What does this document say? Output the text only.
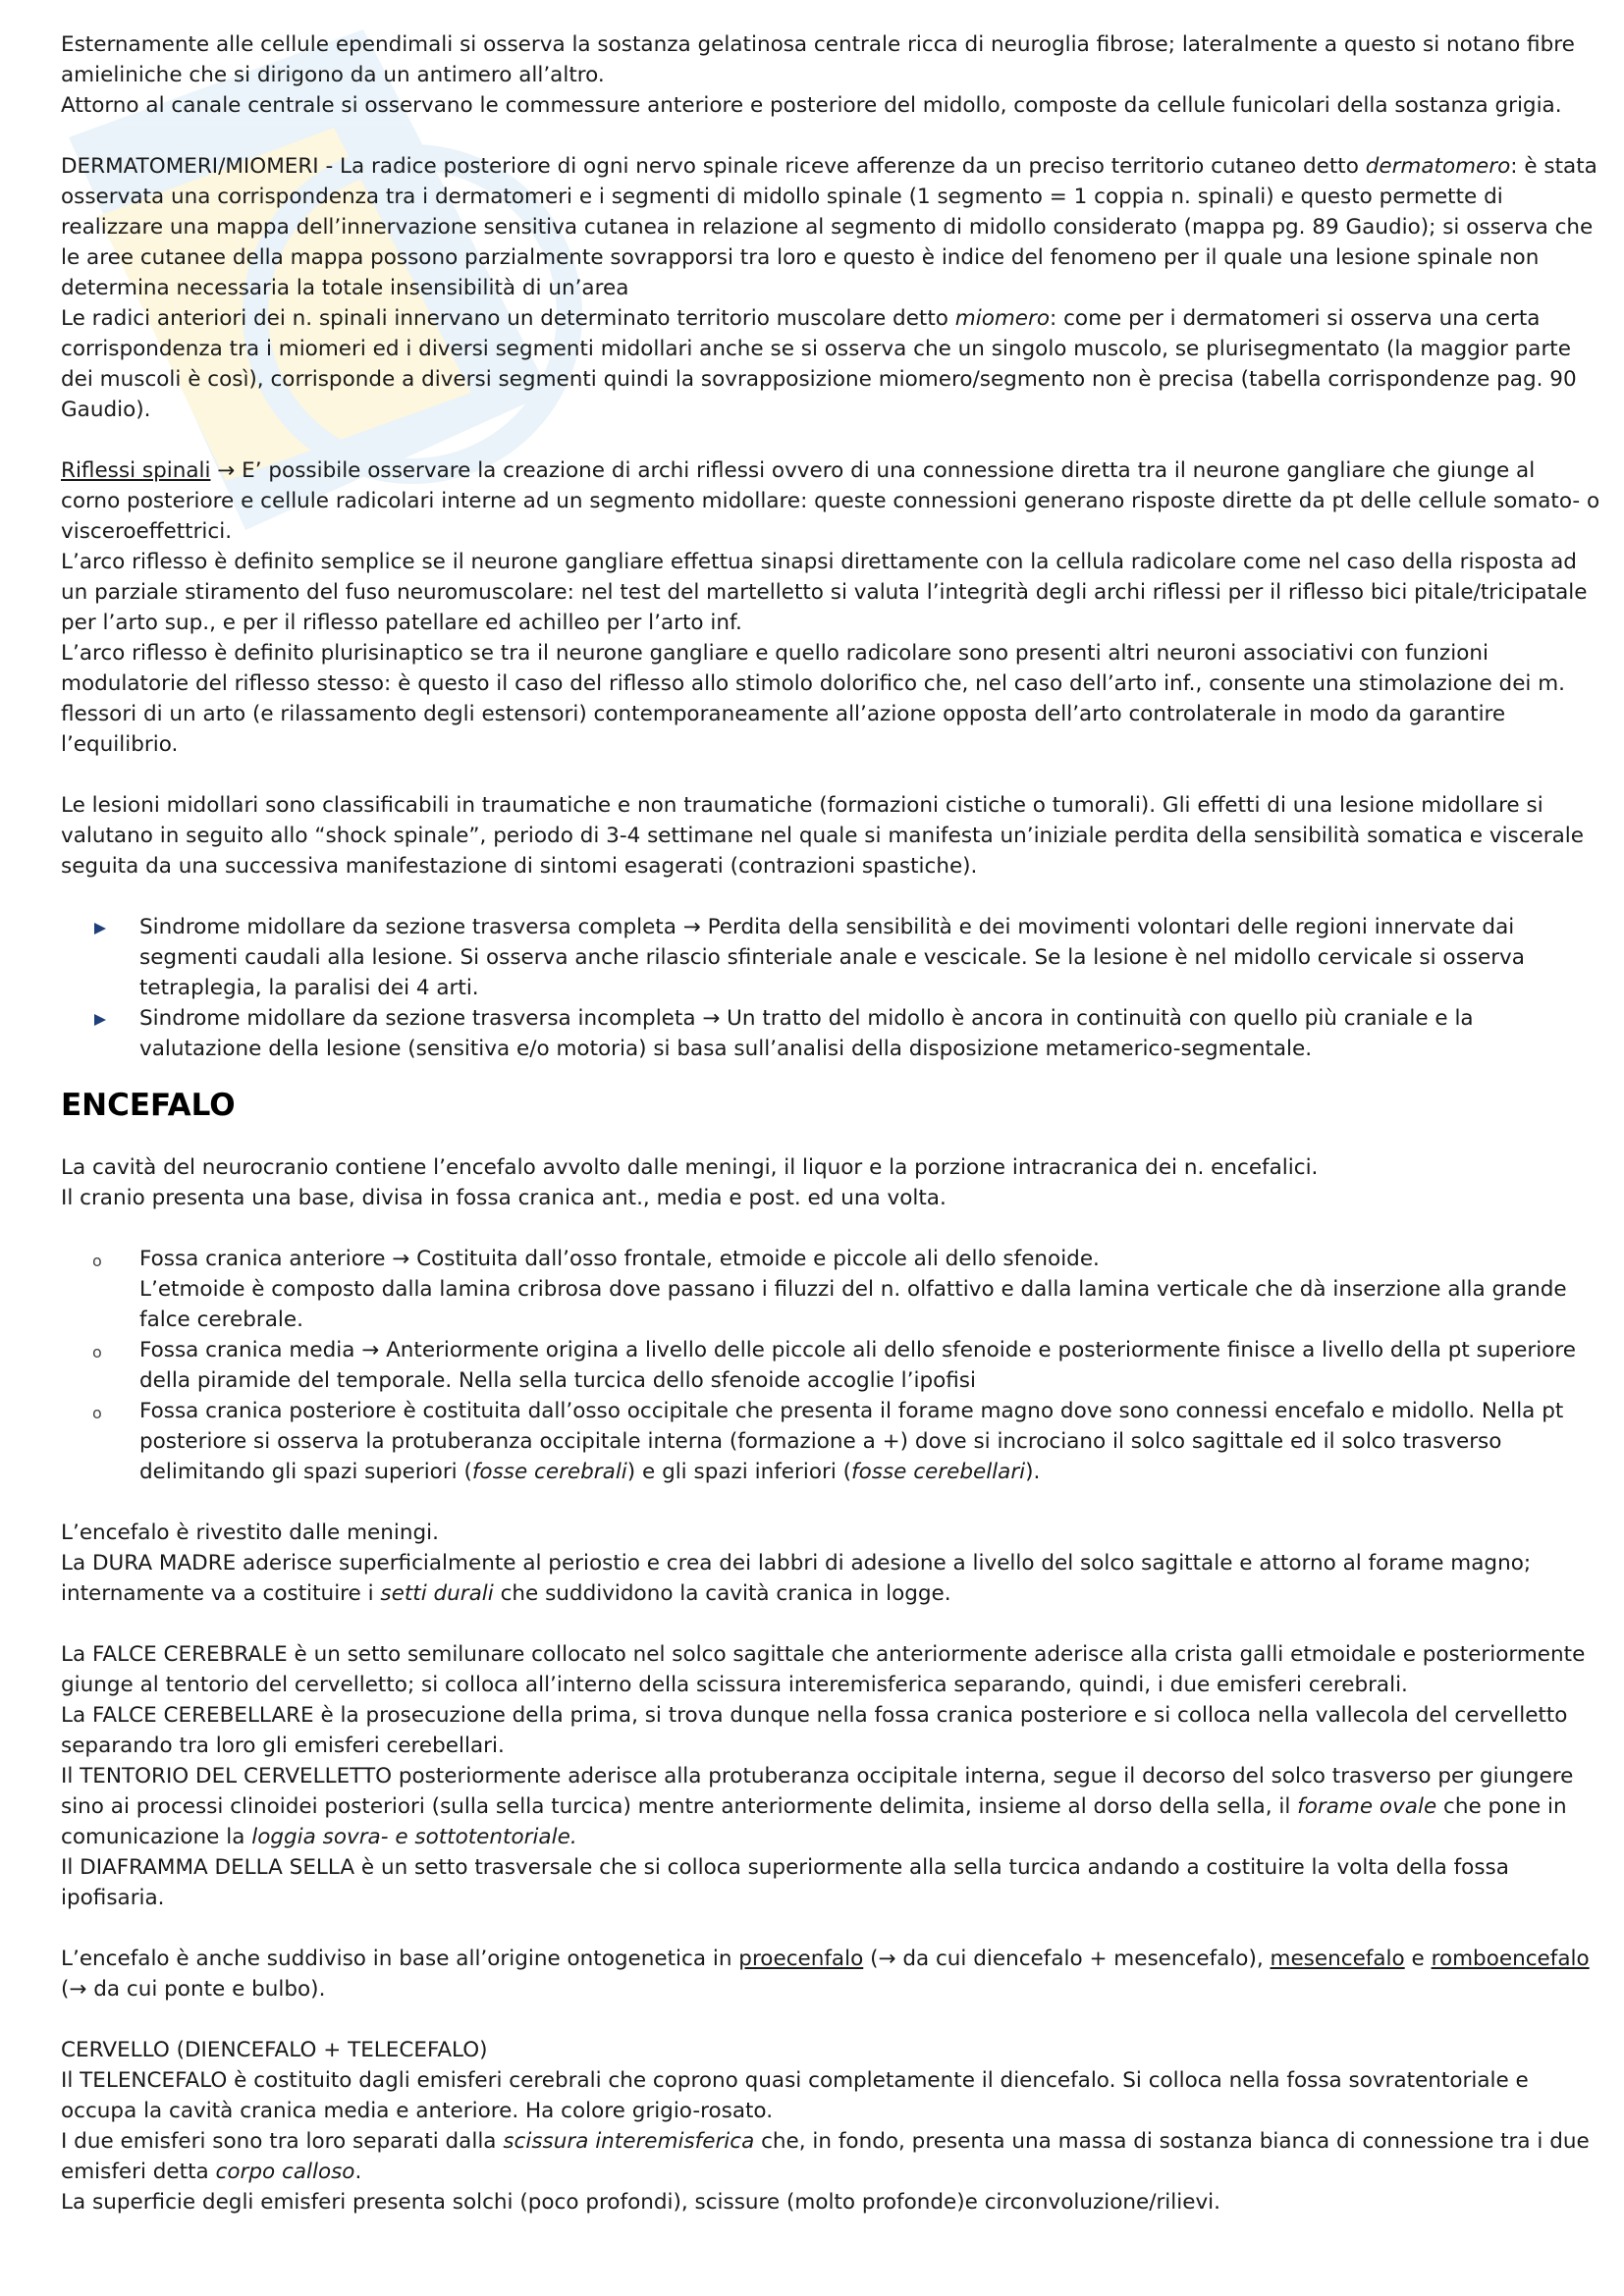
Esternamente alle cellule ependimali si osserva la sostanza gelatinosa centrale ricca di neuroglia fibrose; lateralmente a questo si notano fibre amieliniche che si dirigono da un antimero all’altro.

Attorno al canale centrale si osservano le commessure anteriore e posteriore del midollo, composte da cellule funicolari della sostanza grigia.

DERMATOMERI/MIOMERI - La radice posteriore di ogni nervo spinale riceve afferenze da un preciso territorio cutaneo detto dermatomero: è stata osservata una corrispondenza tra i dermatomeri e i segmenti di midollo spinale (1 segmento = 1 coppia n. spinali) e questo permette di realizzare una mappa dell’innervazione sensitiva cutanea in relazione al segmento di midollo considerato (mappa pg. 89 Gaudio); si osserva che le aree cutanee della mappa possono parzialmente sovrapporsi tra loro e questo è indice del fenomeno per il quale una lesione spinale non determina necessaria la totale insensibilità di un’area

Le radici anteriori dei n. spinali innervano un determinato territorio muscolare detto miomero: come per i dermatomeri si osserva una certa corrispondenza tra i miomeri ed i diversi segmenti midollari anche se si osserva che un singolo muscolo, se plurisegmentato (la maggior parte dei muscoli è così), corrisponde a diversi segmenti quindi la sovrapposizione miomero/segmento non è precisa (tabella corrispondenze pag. 90 Gaudio).

Riflessi spinali → E’ possibile osservare la creazione di archi riflessi ovvero di una connessione diretta tra il neurone gangliare che giunge al corno posteriore e cellule radicolari interne ad un segmento midollare: queste connessioni generano risposte dirette da pt delle cellule somato- o visceroeffettrici.

L’arco riflesso è definito semplice se il neurone gangliare effettua sinapsi direttamente con la cellula radicolare come nel caso della risposta ad un parziale stiramento del fuso neuromuscolare: nel test del martelletto si valuta l’integrità degli archi riflessi per il riflesso bici pitale/tricipatale per l’arto sup., e per il riflesso patellare ed achilleo per l’arto inf.

L’arco riflesso è definito plurisinaptico se tra il neurone gangliare e quello radicolare sono presenti altri neuroni associativi con funzioni modulatorie del riflesso stesso: è questo il caso del riflesso allo stimolo dolorifico che, nel caso dell’arto inf., consente una stimolazione dei m. flessori di un arto (e rilassamento degli estensori) contemporaneamente all’azione opposta dell’arto controlaterale in modo da garantire l’equilibrio.

Le lesioni midollari sono classificabili in traumatiche e non traumatiche (formazioni cistiche o tumorali). Gli effetti di una lesione midollare si valutano in seguito allo “shock spinale”, periodo di 3-4 settimane nel quale si manifesta un’iniziale perdita della sensibilità somatica e viscerale seguita da una successiva manifestazione di sintomi esagerati (contrazioni spastiche).

Sindrome midollare da sezione trasversa completa → Perdita della sensibilità e dei movimenti volontari delle regioni innervate dai segmenti caudali alla lesione. Si osserva anche rilascio sfinteriale anale e vescicale. Se la lesione è nel midollo cervicale si osserva tetraplegia, la paralisi dei 4 arti.
Sindrome midollare da sezione trasversa incompleta → Un tratto del midollo è ancora in continuità con quello più craniale e la valutazione della lesione (sensitiva e/o motoria) si basa sull’analisi della disposizione metamerico-segmentale.
ENCEFALO

La cavità del neurocranio contiene l’encefalo avvolto dalle meningi, il liquor e la porzione intracranica dei n. encefalici.

Il cranio presenta una base, divisa in fossa cranica ant., media e post. ed una volta.

o Fossa cranica anteriore → Costituita dall’osso frontale, etmoide e piccole ali dello sfenoide.
L’etmoide è composto dalla lamina cribrosa dove passano i filuzzi del n. olfattivo e dalla lamina verticale che dà inserzione alla grande falce cerebrale.
o Fossa cranica media → Anteriormente origina a livello delle piccole ali dello sfenoide e posteriormente finisce a livello della pt superiore della piramide del temporale. Nella sella turcica dello sfenoide accoglie l’ipofisi
o Fossa cranica posteriore è costituita dall’osso occipitale che presenta il forame magno dove sono connessi encefalo e midollo. Nella pt posteriore si osserva la protuberanza occipitale interna (formazione a +) dove si incrociano il solco sagittale ed il solco trasverso delimitando gli spazi superiori (fosse cerebrali) e gli spazi inferiori (fosse cerebellari).

L’encefalo è rivestito dalle meningi.

La DURA MADRE aderisce superficialmente al periostio e crea dei labbri di adesione a livello del solco sagittale e attorno al forame magno; internamente va a costituire i setti durali che suddividono la cavità cranica in logge.

La FALCE CEREBRALE è un setto semilunare collocato nel solco sagittale che anteriormente aderisce alla crista galli etmoidale e posteriormente giunge al tentorio del cervelletto; si colloca all’interno della scissura interemisferica separando, quindi, i due emisferi cerebrali.

La FALCE CEREBELLARE è la prosecuzione della prima, si trova dunque nella fossa cranica posteriore e si colloca nella vallecola del cervelletto separando tra loro gli emisferi cerebellari.

Il TENTORIO DEL CERVELLETTO posteriormente aderisce alla protuberanza occipitale interna, segue il decorso del solco trasverso per giungere sino ai processi clinoidei posteriori (sulla sella turcica) mentre anteriormente delimita, insieme al dorso della sella, il forame ovale che pone in comunicazione la loggia sovra- e sottotentoriale.

Il DIAFRAMMA DELLA SELLA è un setto trasversale che si colloca superiormente alla sella turcica andando a costituire la volta della fossa ipofisaria.

L’encefalo è anche suddiviso in base all’origine ontogenetica in proecenfalo (→ da cui diencefalo + mesencefalo), mesencefalo e romboencefalo (→ da cui ponte e bulbo).

CERVELLO (DIENCEFALO + TELECEFALO)

Il TELENCEFALO è costituito dagli emisferi cerebrali che coprono quasi completamente il diencefalo. Si colloca nella fossa sovratentoriale e occupa la cavità cranica media e anteriore. Ha colore grigio-rosato.

I due emisferi sono tra loro separati dalla scissura interemisferica che, in fondo, presenta una massa di sostanza bianca di connessione tra i due emisferi detta corpo calloso.

La superficie degli emisferi presenta solchi (poco profondi), scissure (molto profonde)e circonvoluzione/rilievi.
